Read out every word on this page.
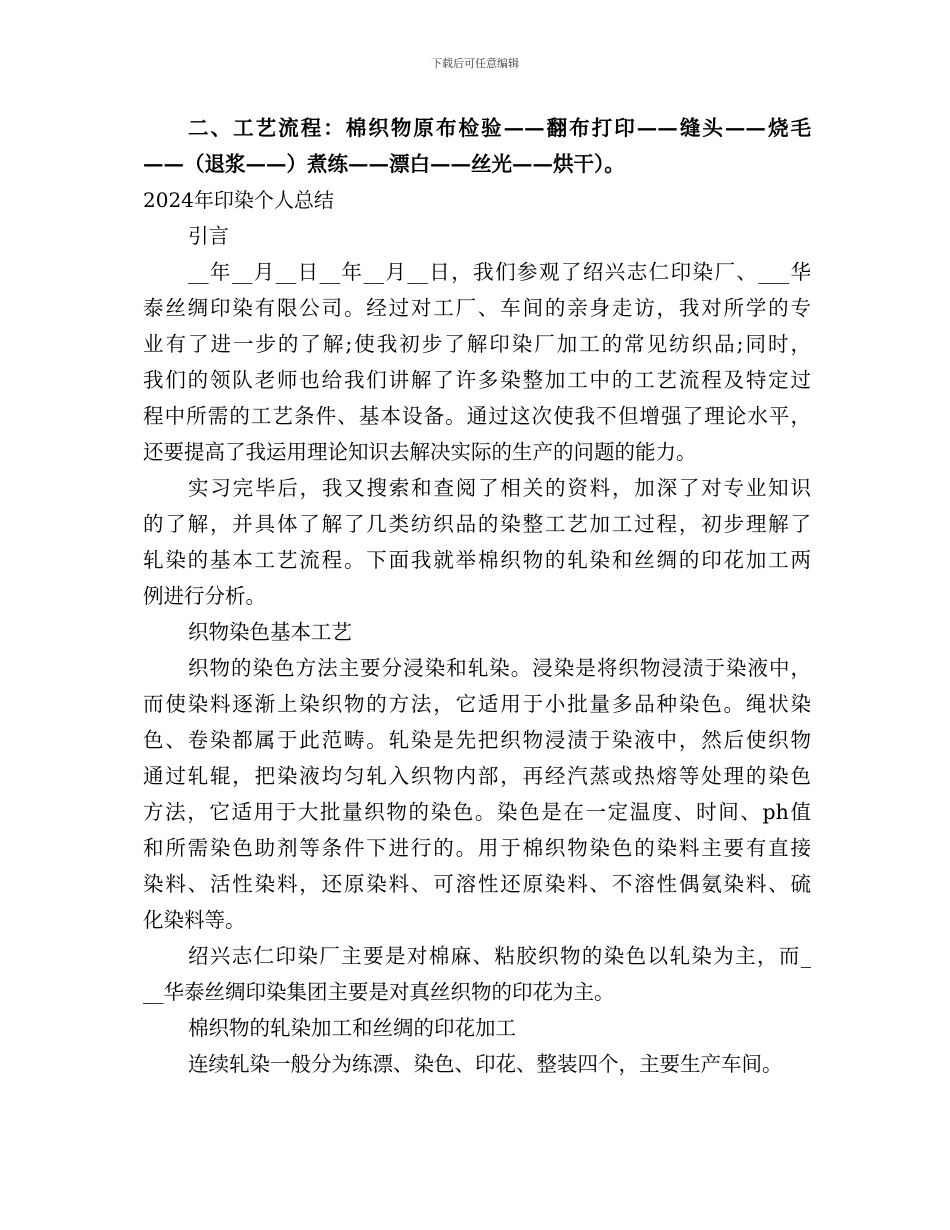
下载后可任意编辑
二、工艺流程：棉织物原布检验——翻布打印——缝头——烧毛
——（退浆——）煮练——漂白——丝光——烘干）。
2024年印染个人总结
引言
__年__月__日__年__月__日，我们参观了绍兴志仁印染厂、___华
泰丝绸印染有限公司。经过对工厂、车间的亲身走访，我对所学的专
业有了进一步的了解;使我初步了解印染厂加工的常见纺织品;同时，
我们的领队老师也给我们讲解了许多染整加工中的工艺流程及特定过
程中所需的工艺条件、基本设备。通过这次使我不但增强了理论水平，
还要提高了我运用理论知识去解决实际的生产的问题的能力。
实习完毕后，我又搜索和查阅了相关的资料，加深了对专业知识
的了解，并具体了解了几类纺织品的染整工艺加工过程，初步理解了
轧染的基本工艺流程。下面我就举棉织物的轧染和丝绸的印花加工两
例进行分析。
织物染色基本工艺
织物的染色方法主要分浸染和轧染。浸染是将织物浸渍于染液中，
而使染料逐渐上染织物的方法，它适用于小批量多品种染色。绳状染
色、卷染都属于此范畴。轧染是先把织物浸渍于染液中，然后使织物
通过轧辊，把染液均匀轧入织物内部，再经汽蒸或热熔等处理的染色
方法，它适用于大批量织物的染色。染色是在一定温度、时间、ph值
和所需染色助剂等条件下进行的。用于棉织物染色的染料主要有直接
染料、活性染料，还原染料、可溶性还原染料、不溶性偶氨染料、硫
化染料等。
绍兴志仁印染厂主要是对棉麻、粘胶织物的染色以轧染为主，而_
__华泰丝绸印染集团主要是对真丝织物的印花为主。
棉织物的轧染加工和丝绸的印花加工
连续轧染一般分为练漂、染色、印花、整装四个，主要生产车间。
